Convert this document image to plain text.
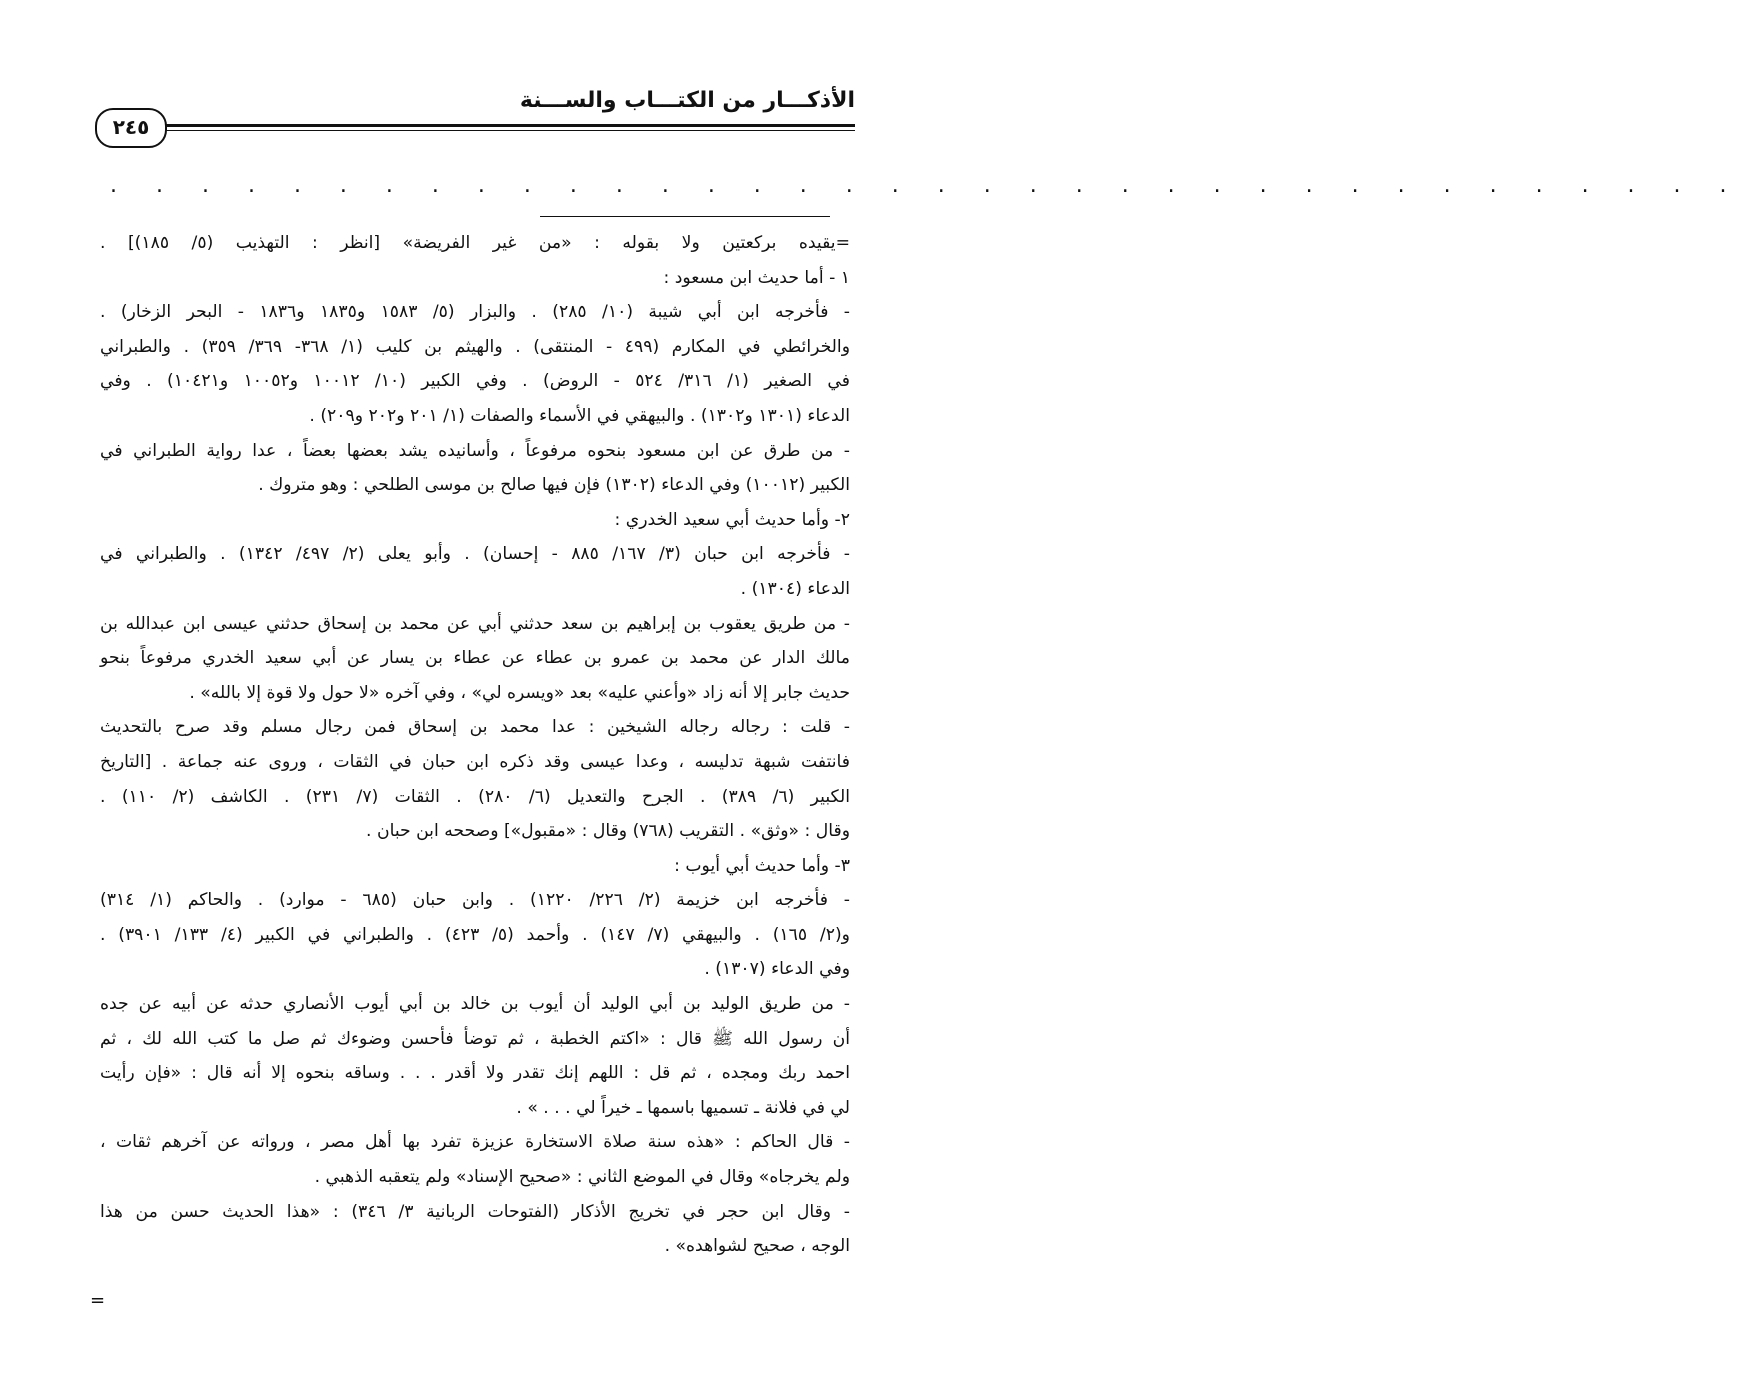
الأذكـــار من الكتـــاب والســـنة
٢٤٥
. . . . . . . . . . . . . . . . . . . . . . . . . . . . . . . . . . . .
=يقيده بركعتين ولا بقوله : «من غير الفريضة» [انظر : التهذيب (٥/ ١٨٥)] .
١ - أما حديث ابن مسعود :
- فأخرجه ابن أبي شيبة (١٠/ ٢٨٥) . والبزار (٥/ ١٥٨٣ و١٨٣٥ و١٨٣٦ - البحر الزخار) .
والخرائطي في المكارم (٤٩٩ - المنتقى) . والهيثم بن كليب (١/ ٣٦٨- ٣٦٩/ ٣٥٩) . والطبراني
في الصغير (١/ ٣١٦/ ٥٢٤ - الروض) . وفي الكبير (١٠/ ١٠٠١٢ و١٠٠٥٢ و١٠٤٢١) . وفي
الدعاء (١٣٠١ و١٣٠٢) . والبيهقي في الأسماء والصفات (١/ ٢٠١ و٢٠٢ و٢٠٩) .
- من طرق عن ابن مسعود بنحوه مرفوعاً ، وأسانيده يشد بعضها بعضاً ، عدا رواية الطبراني في
الكبير (١٠٠١٢) وفي الدعاء (١٣٠٢) فإن فيها صالح بن موسى الطلحي : وهو متروك .
٢- وأما حديث أبي سعيد الخدري :
- فأخرجه ابن حبان (٣/ ١٦٧/ ٨٨٥ - إحسان) . وأبو يعلى (٢/ ٤٩٧/ ١٣٤٢) . والطبراني في
الدعاء (١٣٠٤) .
- من طريق يعقوب بن إبراهيم بن سعد حدثني أبي عن محمد بن إسحاق حدثني عيسى ابن عبدالله بن
مالك الدار عن محمد بن عمرو بن عطاء عن عطاء بن يسار عن أبي سعيد الخدري مرفوعاً بنحو
حديث جابر إلا أنه زاد «وأعني عليه» بعد «ويسره لي» ، وفي آخره «لا حول ولا قوة إلا بالله» .
- قلت : رجاله رجاله الشيخين : عدا محمد بن إسحاق فمن رجال مسلم وقد صرح بالتحديث
فانتفت شبهة تدليسه ، وعدا عيسى وقد ذكره ابن حبان في الثقات ، وروى عنه جماعة . [التاريخ
الكبير (٦/ ٣٨٩) . الجرح والتعديل (٦/ ٢٨٠) . الثقات (٧/ ٢٣١) . الكاشف (٢/ ١١٠) .
وقال : «وثق» . التقريب (٧٦٨) وقال : «مقبول»] وصححه ابن حبان .
٣- وأما حديث أبي أيوب :
- فأخرجه ابن خزيمة (٢/ ٢٢٦/ ١٢٢٠) . وابن حبان (٦٨٥ - موارد) . والحاكم (١/ ٣١٤)
و(٢/ ١٦٥) . والبيهقي (٧/ ١٤٧) . وأحمد (٥/ ٤٢٣) . والطبراني في الكبير (٤/ ١٣٣/ ٣٩٠١) .
وفي الدعاء (١٣٠٧) .
- من طريق الوليد بن أبي الوليد أن أيوب بن خالد بن أبي أيوب الأنصاري حدثه عن أبيه عن جده
أن رسول الله ﷺ قال : «اكتم الخطبة ، ثم توضأ فأحسن وضوءك ثم صل ما كتب الله لك ، ثم
احمد ربك ومجده ، ثم قل : اللهم إنك تقدر ولا أقدر . . . وساقه بنحوه إلا أنه قال : «فإن رأيت
لي في فلانة ـ تسميها باسمها ـ خيراً لي . . . » .
- قال الحاكم : «هذه سنة صلاة الاستخارة عزيزة تفرد بها أهل مصر ، ورواته عن آخرهم ثقات ،
ولم يخرجاه» وقال في الموضع الثاني : «صحيح الإسناد» ولم يتعقبه الذهبي .
- وقال ابن حجر في تخريج الأذكار (الفتوحات الربانية ٣/ ٣٤٦) : «هذا الحديث حسن من هذا
الوجه ، صحيح لشواهده» .
=
